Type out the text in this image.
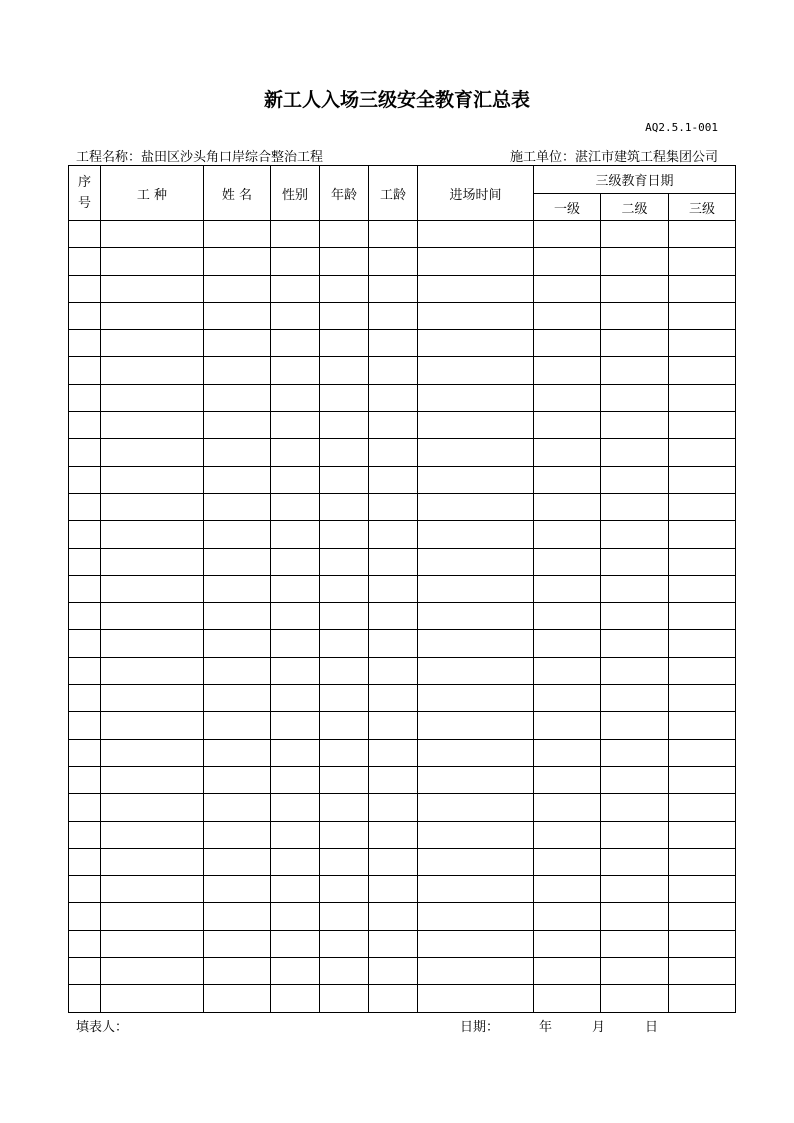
新工人入场三级安全教育汇总表
AQ2.5.1-001
工程名称：盐田区沙头角口岸综合整治工程	施工单位：湛江市建筑工程集团公司
序
号	工 种	姓 名	性别	年龄	工龄	进场时间	三级教育日期		
							一级	二级	三级

填表人：	日期：	年	月	日
